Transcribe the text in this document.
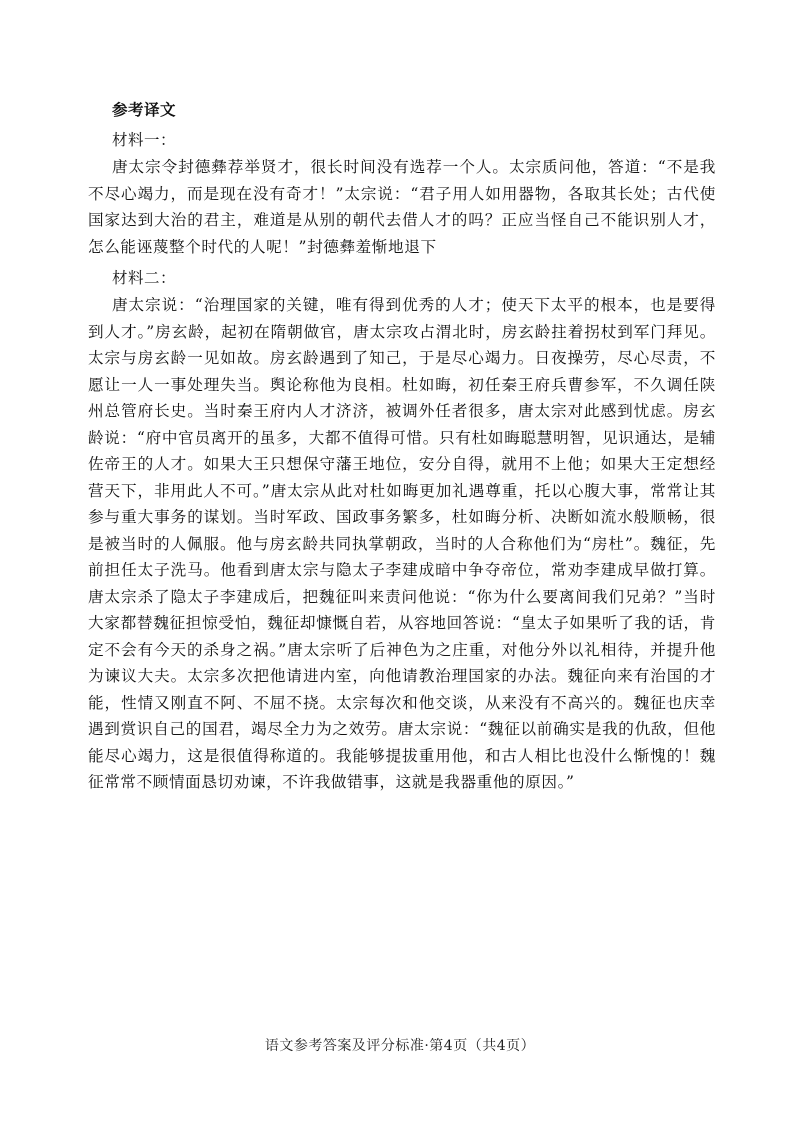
参考译文
材料一：

唐太宗令封德彝荐举贤才，很长时间没有选荐一个人。太宗质问他，答道：“不是我不尽心竭力，而是现在没有奇才！”太宗说：“君子用人如用器物，各取其长处；古代使国家达到大治的君主，难道是从别的朝代去借人才的吗？正应当怪自己不能识别人才，怎么能诬蔑整个时代的人呢！”封德彝羞惭地退下

材料二：

唐太宗说：“治理国家的关键，唯有得到优秀的人才；使天下太平的根本，也是要得到人才。”房玄龄，起初在隋朝做官，唐太宗攻占渭北时，房玄龄拄着拐杖到军门拜见。太宗与房玄龄一见如故。房玄龄遇到了知己，于是尽心竭力。日夜操劳，尽心尽责，不愿让一人一事处理失当。舆论称他为良相。杜如晦，初任秦王府兵曹参军，不久调任陕州总管府长史。当时秦王府内人才济济，被调外任者很多，唐太宗对此感到忧虑。房玄龄说：“府中官员离开的虽多，大都不值得可惜。只有杜如晦聪慧明智，见识通达，是辅佐帝王的人才。如果大王只想保守藩王地位，安分自得，就用不上他；如果大王定想经营天下，非用此人不可。”唐太宗从此对杜如晦更加礼遇尊重，托以心腹大事，常常让其参与重大事务的谋划。当时军政、国政事务繁多，杜如晦分析、决断如流水般顺畅，很是被当时的人佩服。他与房玄龄共同执掌朝政，当时的人合称他们为“房杜”。魏征，先前担任太子洗马。他看到唐太宗与隐太子李建成暗中争夺帝位，常劝李建成早做打算。唐太宗杀了隐太子李建成后，把魏征叫来责问他说：“你为什么要离间我们兄弟？”当时大家都替魏征担惊受怕，魏征却慷慨自若，从容地回答说：“皇太子如果听了我的话，肯定不会有今天的杀身之祸。”唐太宗听了后神色为之庄重，对他分外以礼相待，并提升他为谏议大夫。太宗多次把他请进内室，向他请教治理国家的办法。魏征向来有治国的才能，性情又刚直不阿、不屈不挠。太宗每次和他交谈，从来没有不高兴的。魏征也庆幸遇到赏识自己的国君，竭尽全力为之效劳。唐太宗说：“魏征以前确实是我的仇敌，但他能尽心竭力，这是很值得称道的。我能够提拔重用他，和古人相比也没什么惭愧的！魏征常常不顾情面恳切劝谏，不许我做错事，这就是我器重他的原因。”

语文参考答案及评分标准·第4页（共4页）
